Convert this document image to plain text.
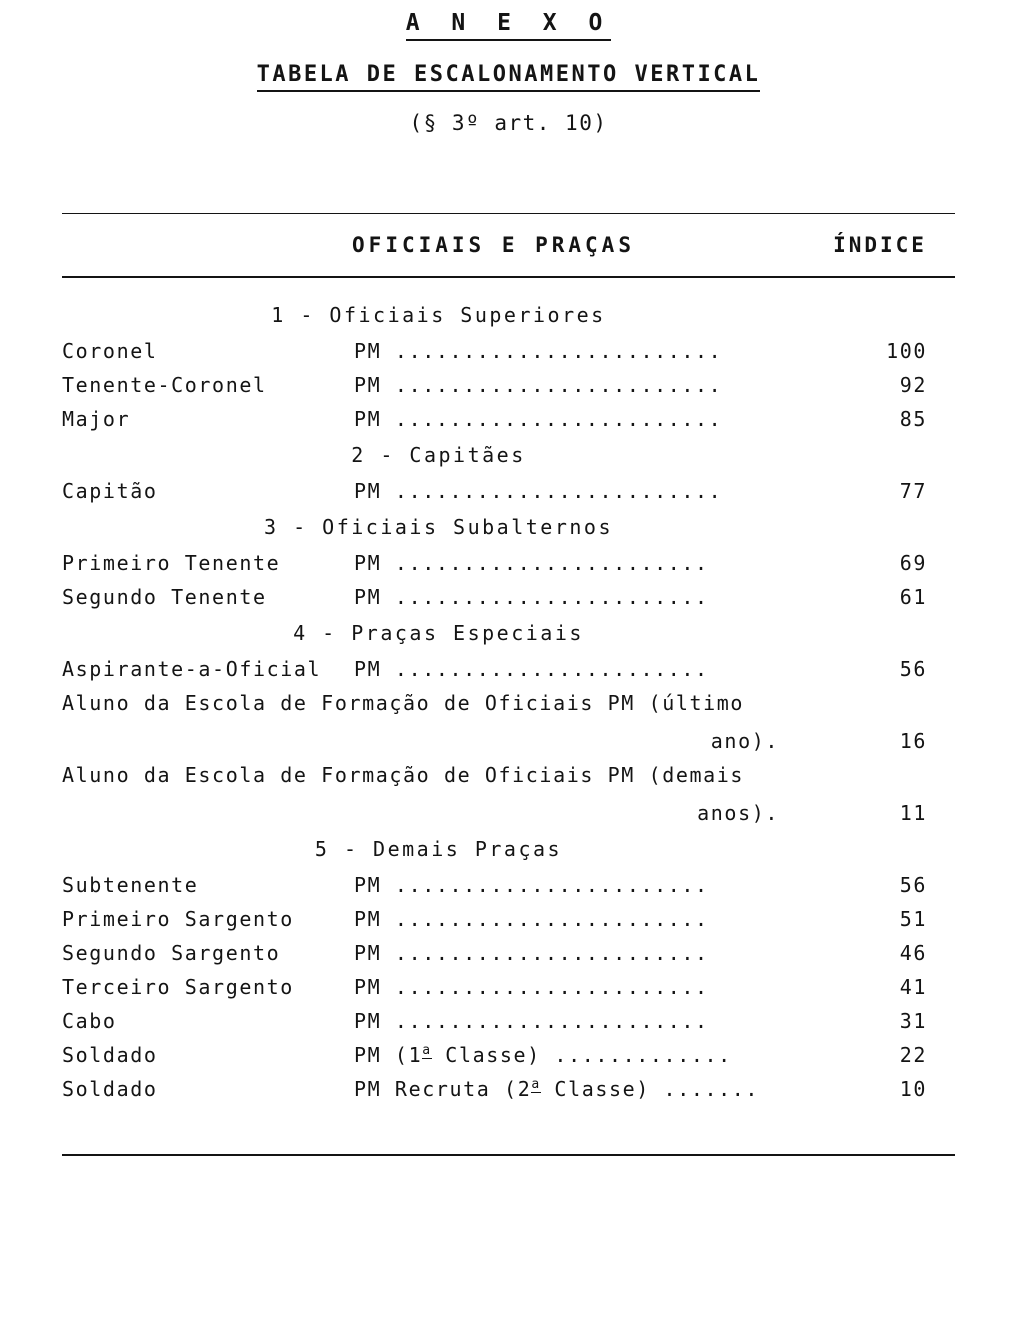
A N E X O
TABELA DE ESCALONAMENTO VERTICAL
(§ 3º art. 10)
OFICIAIS E PRAÇAS	ÍNDICE
1 - Oficiais Superiores
Coronel	PM ........................	100
Tenente-Coronel	PM ........................	92
Major	PM ........................	85
2 - Capitães
Capitão	PM ........................	77
3 - Oficiais Subalternos
Primeiro Tenente	PM .......................	69
Segundo Tenente	PM .......................	61
4 - Praças Especiais
Aspirante-a-Oficial	PM .......................	56
Aluno da Escola de Formação de Oficiais PM (último
ano).	16
Aluno da Escola de Formação de Oficiais PM (demais
anos).	11
5 - Demais Praças
Subtenente	PM .......................	56
Primeiro Sargento	PM .......................	51
Segundo Sargento	PM .......................	46
Terceiro Sargento	PM .......................	41
Cabo	PM .......................	31
Soldado	PM (1$^a$ Classe) .............	22
Soldado	PM Recruta (2$^a$ Classe) .......	10
